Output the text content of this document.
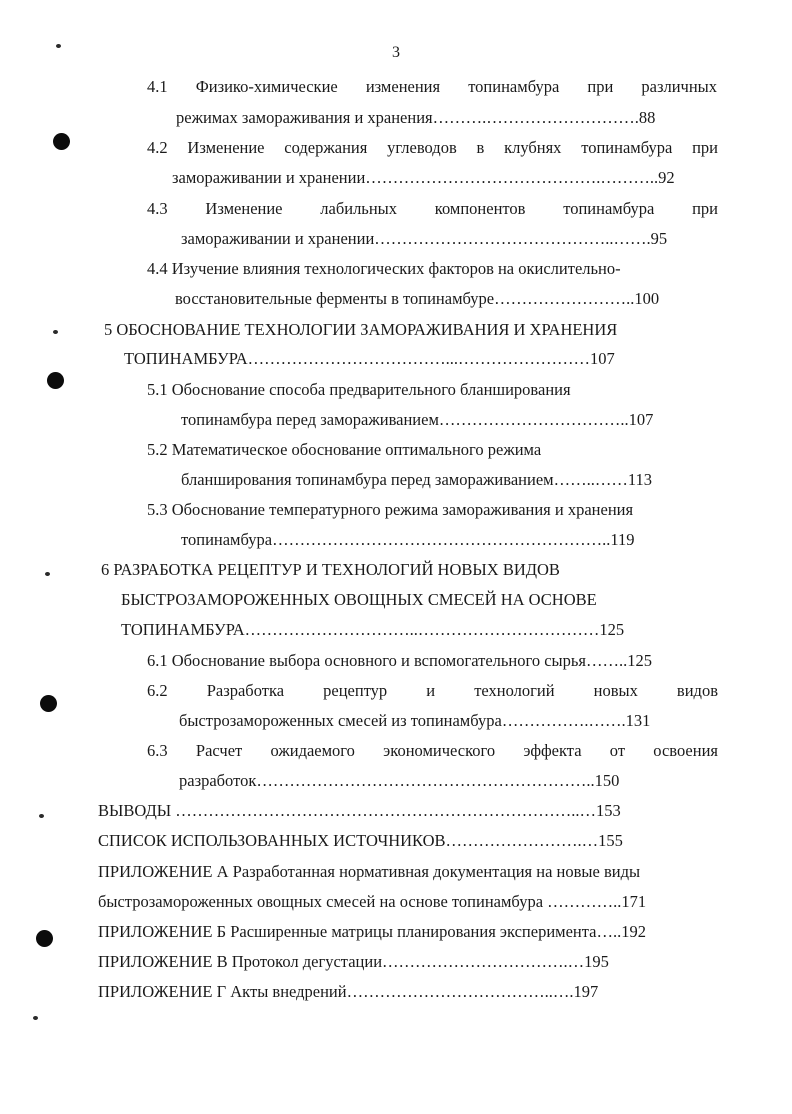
3
4.1 Физико-химические изменения топинамбура при различных
режимах замораживания и хранения……….……………………….88
4.2 Изменение содержания углеводов в клубнях топинамбура при
замораживании и хранении…………………………………….………..92
4.3 Изменение лабильных компонентов топинамбура при
замораживании и хранении……………………………………..…….95
4.4 Изучение влияния технологических факторов на окислительно-
восстановительные ферменты в топинамбуре……………………..100
5 ОБОСНОВАНИЕ ТЕХНОЛОГИИ ЗАМОРАЖИВАНИЯ И ХРАНЕНИЯ
ТОПИНАМБУРА………………………………...……………………107
5.1 Обоснование способа предварительного бланширования
топинамбура перед замораживанием……………………………..107
5.2 Математическое обоснование оптимального режима
бланширования топинамбура перед замораживанием……..……113
5.3 Обоснование температурного режима замораживания и хранения
топинамбура……………………………………………………..119
6 РАЗРАБОТКА РЕЦЕПТУР И ТЕХНОЛОГИЙ НОВЫХ ВИДОВ
БЫСТРОЗАМОРОЖЕННЫХ ОВОЩНЫХ СМЕСЕЙ НА ОСНОВЕ
ТОПИНАМБУРА…………………………..……………………………125
6.1 Обоснование выбора основного и вспомогательного сырья……..125
6.2 Разработка рецептур и технологий новых видов
быстрозамороженных смесей из топинамбура…………….…….131
6.3 Расчет ожидаемого экономического эффекта от освоения
разработок……………………………………………………..150
ВЫВОДЫ ………………………………………………………………..…153
СПИСОК ИСПОЛЬЗОВАННЫХ ИСТОЧНИКОВ…………………….…155
ПРИЛОЖЕНИЕ А Разработанная нормативная документация на новые виды
быстрозамороженных овощных смесей на основе топинамбура …………..171
ПРИЛОЖЕНИЕ Б Расширенные матрицы планирования эксперимента…..192
ПРИЛОЖЕНИЕ В Протокол дегустации…………………………….…195
ПРИЛОЖЕНИЕ Г Акты внедрений………………………………..….197
